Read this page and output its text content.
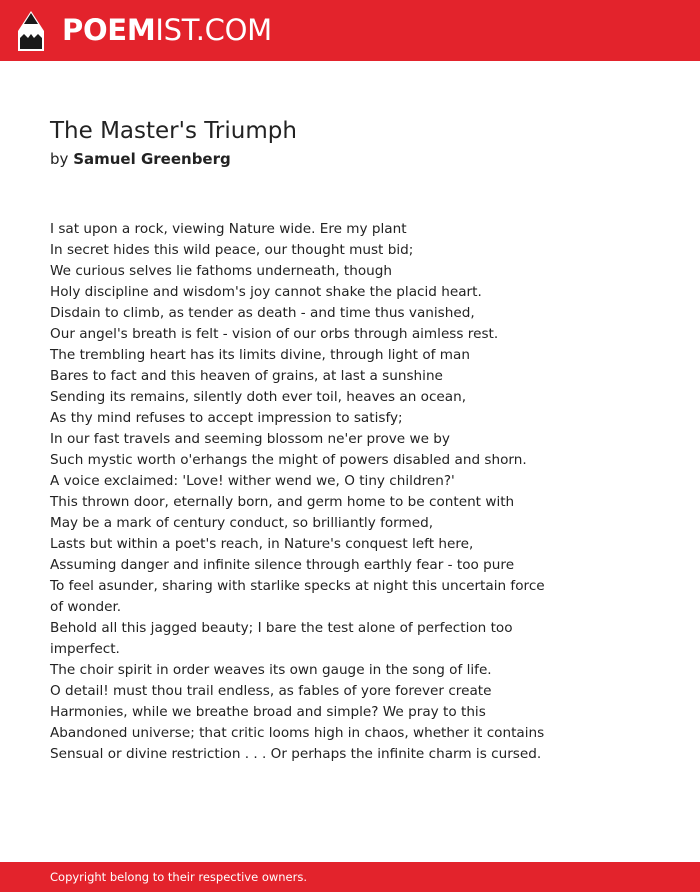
POEMIST.COM
The Master's Triumph
by Samuel Greenberg
I sat upon a rock, viewing Nature wide. Ere my plant
In secret hides this wild peace, our thought must bid;
We curious selves lie fathoms underneath, though
Holy discipline and wisdom's joy cannot shake the placid heart.
Disdain to climb, as tender as death - and time thus vanished,
Our angel's breath is felt - vision of our orbs through aimless rest.
The trembling heart has its limits divine, through light of man
Bares to fact and this heaven of grains, at last a sunshine
Sending its remains, silently doth ever toil, heaves an ocean,
As thy mind refuses to accept impression to satisfy;
In our fast travels and seeming blossom ne'er prove we by
Such mystic worth o'erhangs the might of powers disabled and shorn.
A voice exclaimed: 'Love! wither wend we, O tiny children?'
This thrown door, eternally born, and germ home to be content with
May be a mark of century conduct, so brilliantly formed,
Lasts but within a poet's reach, in Nature's conquest left here,
Assuming danger and infinite silence through earthly fear - too pure
To feel asunder, sharing with starlike specks at night this uncertain force of wonder.
Behold all this jagged beauty; I bare the test alone of perfection too imperfect.
The choir spirit in order weaves its own gauge in the song of life.
O detail! must thou trail endless, as fables of yore forever create
Harmonies, while we breathe broad and simple? We pray to this
Abandoned universe; that critic looms high in chaos, whether it contains
Sensual or divine restriction . . . Or perhaps the infinite charm is cursed.
Copyright belong to their respective owners.
